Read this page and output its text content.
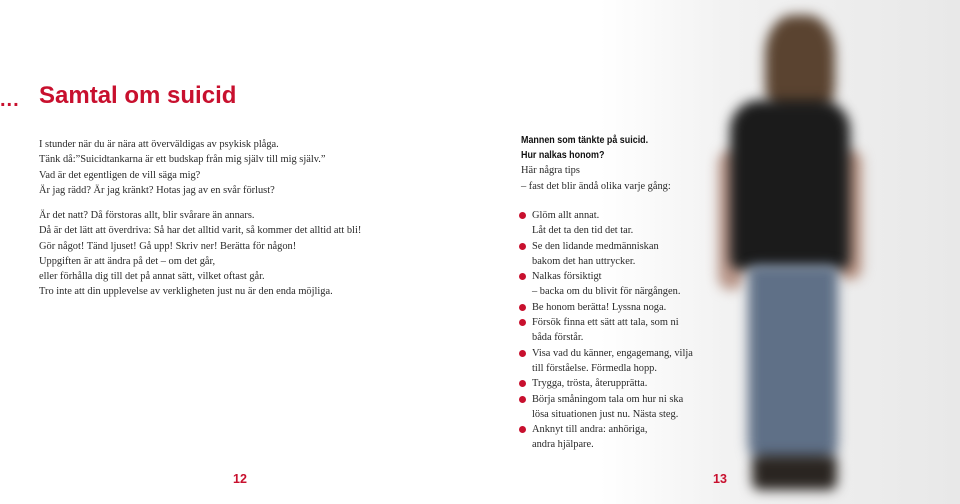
... Samtal om suicid

I stunder när du är nära att överväldigas av psykisk plåga.

Tänk då:”Suicidtankarna är ett budskap från mig själv till mig själv.”

Vad är det egentligen de vill säga mig?

Är jag rädd? Är jag kränkt? Hotas jag av en svår förlust?

Är det natt? Då förstoras allt, blir svårare än annars.

Då är det lätt att överdriva: Så har det alltid varit, så kommer det alltid att bli!

Gör något! Tänd ljuset! Gå upp! Skriv ner! Berätta för någon!

Uppgiften är att ändra på det – om det går,

eller förhålla dig till det på annat sätt, vilket oftast går.

Tro inte att din upplevelse av verkligheten just nu är den enda möjliga.

Mannen som tänkte på suicid.
Hur nalkas honom?
Här några tips
– fast det blir ändå olika varje gång:
Glöm allt annat.
Låt det ta den tid det tar.
Se den lidande medmänniskan
bakom det han uttrycker.
Nalkas försiktigt
– backa om du blivit för närgången.
Be honom berätta! Lyssna noga.
Försök finna ett sätt att tala, som ni
båda förstår.
Visa vad du känner, engagemang, vilja
till förståelse. Förmedla hopp.
Trygga, trösta, återupprätta.
Börja småningom tala om hur ni ska
lösa situationen just nu. Nästa steg.
Anknyt till andra: anhöriga,
andra hjälpare.
12	13
